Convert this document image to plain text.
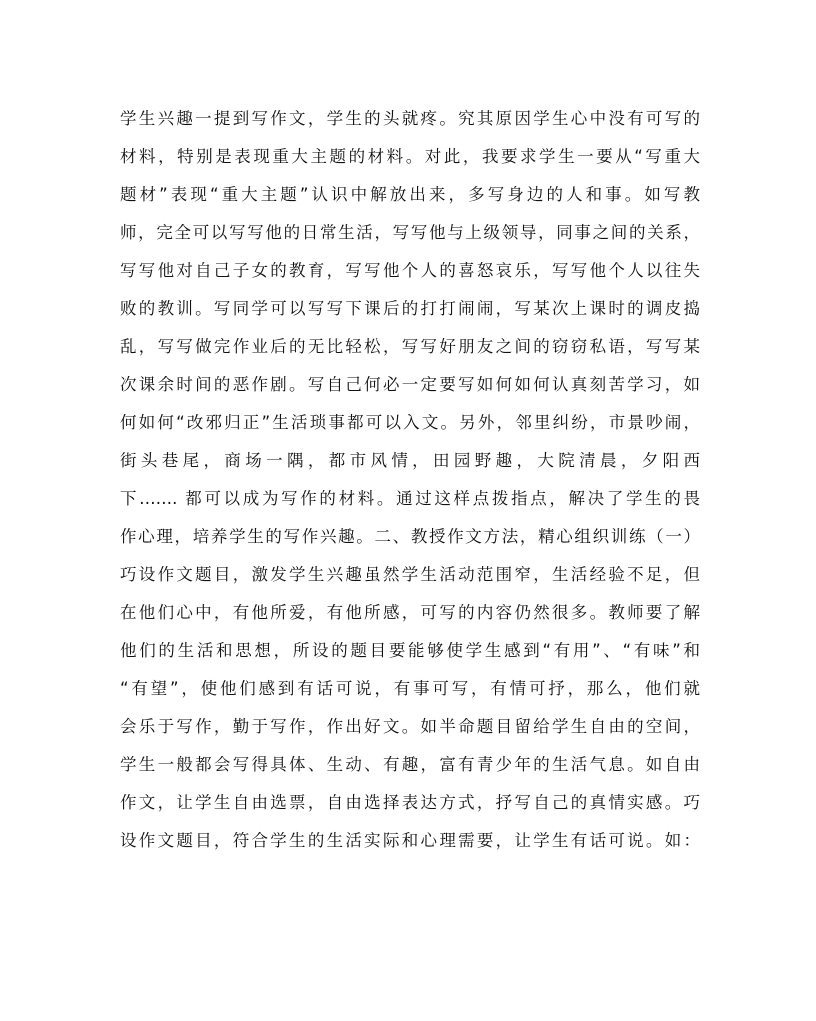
学生兴趣一提到写作文，学生的头就疼。究其原因学生心中没有可写的
材料，特别是表现重大主题的材料。对此，我要求学生一要从“写重大
题材”表现“重大主题”认识中解放出来，多写身边的人和事。如写教
师，完全可以写写他的日常生活，写写他与上级领导，同事之间的关系，
写写他对自己子女的教育，写写他个人的喜怒哀乐，写写他个人以往失
败的教训。写同学可以写写下课后的打打闹闹，写某次上课时的调皮捣
乱，写写做完作业后的无比轻松，写写好朋友之间的窃窃私语，写写某
次课余时间的恶作剧。写自己何必一定要写如何如何认真刻苦学习，如
何如何“改邪归正”生活琐事都可以入文。另外，邻里纠纷，市景吵闹，
街头巷尾，商场一隅，都市风情，田园野趣，大院清晨，夕阳西
下……. 都可以成为写作的材料。通过这样点拨指点，解决了学生的畏
作心理，培养学生的写作兴趣。二、教授作文方法，精心组织训练（一）
巧设作文题目，激发学生兴趣虽然学生活动范围窄，生活经验不足，但
在他们心中，有他所爱，有他所感，可写的内容仍然很多。教师要了解
他们的生活和思想，所设的题目要能够使学生感到“有用”、“有味”和
“有望”，使他们感到有话可说，有事可写，有情可抒，那么，他们就
会乐于写作，勤于写作，作出好文。如半命题目留给学生自由的空间，
学生一般都会写得具体、生动、有趣，富有青少年的生活气息。如自由
作文，让学生自由选票，自由选择表达方式，抒写自己的真情实感。巧
设作文题目，符合学生的生活实际和心理需要，让学生有话可说。如：
